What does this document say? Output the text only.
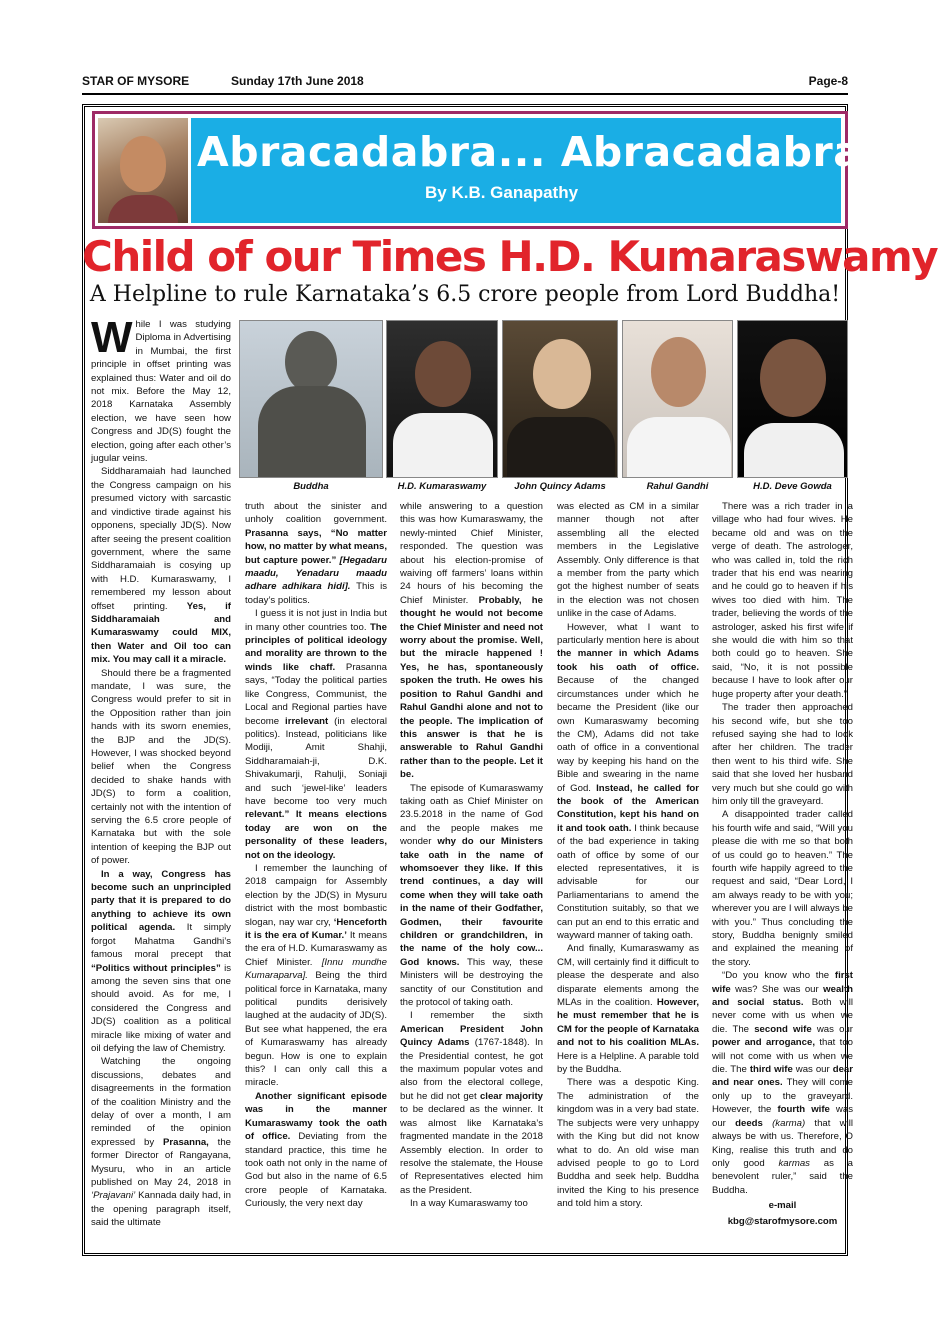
STAR OF MYSORE	Sunday 17th June 2018	Page-8
Abracadabra... Abracadabra...
By K.B. Ganapathy
Child of our Times H.D. Kumaraswamy
A Helpline to rule Karnataka’s 6.5 crore people from Lord Buddha!
Buddha	H.D. Kumaraswamy	John Quincy Adams	Rahul Gandhi	H.D. Deve Gowda

While I was studying Diploma in Advertising in Mumbai, the first principle in offset printing was explained thus: Water and oil do not mix. Before the May 12, 2018 Karnataka Assembly election, we have seen how Congress and JD(S) fought the election, going after each other’s jugular veins.

Siddharamaiah had launched the Congress campaign on his presumed victory with sarcastic and vindictive tirade against his opponens, specially JD(S). Now after seeing the present coalition government, where the same Siddharamaiah is cosying up with H.D. Kumaraswamy, I remembered my lesson about offset printing. Yes, if Siddharamaiah and Kumaraswamy could MIX, then Water and Oil too can mix. You may call it a miracle.

Should there be a fragmented mandate, I was sure, the Congress would prefer to sit in the Opposition rather than join hands with its sworn enemies, the BJP and the JD(S). However, I was shocked beyond belief when the Congress decided to shake hands with JD(S) to form a coalition, certainly not with the intention of serving the 6.5 crore people of Karnataka but with the sole intention of keeping the BJP out of power.

In a way, Congress has become such an unprincipled party that it is prepared to do anything to achieve its own political agenda. It simply forgot Mahatma Gandhi’s famous moral precept that “Politics without principles” is among the seven sins that one should avoid. As for me, I considered the Congress and JD(S) coalition as a political miracle like mixing of water and oil defying the law of Chemistry.

Watching the ongoing discussions, debates and disagreements in the formation of the coalition Ministry and the delay of over a month, I am reminded of the opinion expressed by Prasanna, the former Director of Rangayana, Mysuru, who in an article published on May 24, 2018 in ‘Prajavani’ Kannada daily had, in the opening paragraph itself, said the ultimate

truth about the sinister and unholy coalition government. Prasanna says, “No matter how, no matter by what means, but capture power.” [Hegadaru maadu, Yenadaru maadu adhare adhikara hidi]. This is today’s politics.

I guess it is not just in India but in many other countries too. The principles of political ideology and morality are thrown to the winds like chaff. Prasanna says, “Today the political parties like Congress, Communist, the Local and Regional parties have become irrelevant (in electoral politics). Instead, politicians like Modiji, Amit Shahji, Siddharamaiah-ji, D.K. Shivakumarji, Rahulji, Soniaji and such ‘jewel-like’ leaders have become too very much relevant.” It means elections today are won on the personality of these leaders, not on the ideology.

I remember the launching of 2018 campaign for Assembly election by the JD(S) in Mysuru district with the most bombastic slogan, nay war cry, ‘Henceforth it is the era of Kumar.’ It means the era of H.D. Kumaraswamy as Chief Minister. [Innu mundhe Kumaraparva]. Being the third political force in Karnataka, many political pundits derisively laughed at the audacity of JD(S). But see what happened, the era of Kumaraswamy has already begun. How is one to explain this? I can only call this a miracle.

Another significant episode was in the manner Kumaraswamy took the oath of office. Deviating from the standard practice, this time he took oath not only in the name of God but also in the name of 6.5 crore people of Karnataka. Curiously, the very next day

while answering to a question this was how Kumaraswamy, the newly-minted Chief Minister, responded. The question was about his election-promise of waiving off farmers’ loans within 24 hours of his becoming the Chief Minister. Probably, he thought he would not become the Chief Minister and need not worry about the promise. Well, but the miracle happened ! Yes, he has, spontaneously spoken the truth. He owes his position to Rahul Gandhi and Rahul Gandhi alone and not to the people. The implication of this answer is that he is answerable to Rahul Gandhi rather than to the people. Let it be.

The episode of Kumaraswamy taking oath as Chief Minister on 23.5.2018 in the name of God and the people makes me wonder why do our Ministers take oath in the name of whomsoever they like. If this trend continues, a day will come when they will take oath in the name of their Godfather, Godmen, their favourite children or grandchildren, in the name of the holy cow... God knows. This way, these Ministers will be destroying the sanctity of our Constitution and the protocol of taking oath.

I remember the sixth American President John Quincy Adams (1767-1848). In the Presidential contest, he got the maximum popular votes and also from the electoral college, but he did not get clear majority to be declared as the winner. It was almost like Karnataka’s fragmented mandate in the 2018 Assembly election. In order to resolve the stalemate, the House of Representatives elected him as the President.

In a way Kumaraswamy too

was elected as CM in a similar manner though not after assembling all the elected members in the Legislative Assembly. Only difference is that a member from the party which got the highest number of seats in the election was not chosen unlike in the case of Adams.

However, what I want to particularly mention here is about the manner in which Adams took his oath of office. Because of the changed circumstances under which he became the President (like our own Kumaraswamy becoming the CM), Adams did not take oath of office in a conventional way by keeping his hand on the Bible and swearing in the name of God. Instead, he called for the book of the American Constitution, kept his hand on it and took oath. I think because of the bad experience in taking oath of office by some of our elected representatives, it is advisable for our Parliamentarians to amend the Constitution suitably, so that we can put an end to this erratic and wayward manner of taking oath.

And finally, Kumaraswamy as CM, will certainly find it difficult to please the desperate and also disparate elements among the MLAs in the coalition. However, he must remember that he is CM for the people of Karnataka and not to his coalition MLAs. Here is a Helpline. A parable told by the Buddha.

There was a despotic King. The administration of the kingdom was in a very bad state. The subjects were very unhappy with the King but did not know what to do. An old wise man advised people to go to Lord Buddha and seek help. Buddha invited the King to his presence and told him a story.

There was a rich trader in a village who had four wives. He became old and was on the verge of death. The astrologer, who was called in, told the rich trader that his end was nearing and he could go to heaven if his wives too died with him. The trader, believing the words of the astrologer, asked his first wife if she would die with him so that both could go to heaven. She said, “No, it is not possible because I have to look after our huge property after your death.”

The trader then approached his second wife, but she too refused saying she had to look after her children. The trader then went to his third wife. She said that she loved her husband very much but she could go with him only till the graveyard.

A disappointed trader called his fourth wife and said, “Will you please die with me so that both of us could go to heaven.” The fourth wife happily agreed to the request and said, “Dear Lord, I am always ready to be with you; wherever you are I will always be with you.” Thus concluding the story, Buddha benignly smiled and explained the meaning of the story.

“Do you know who the first wife was? She was our wealth and social status. Both will never come with us when we die. The second wife was our power and arrogance, that too will not come with us when we die. The third wife was our dear and near ones. They will come only up to the graveyard. However, the fourth wife was our deeds (karma) that will always be with us. Therefore, O King, realise this truth and do only good karmas as a benevolent ruler,” said the Buddha.

e-mail
kbg@starofmysore.com
